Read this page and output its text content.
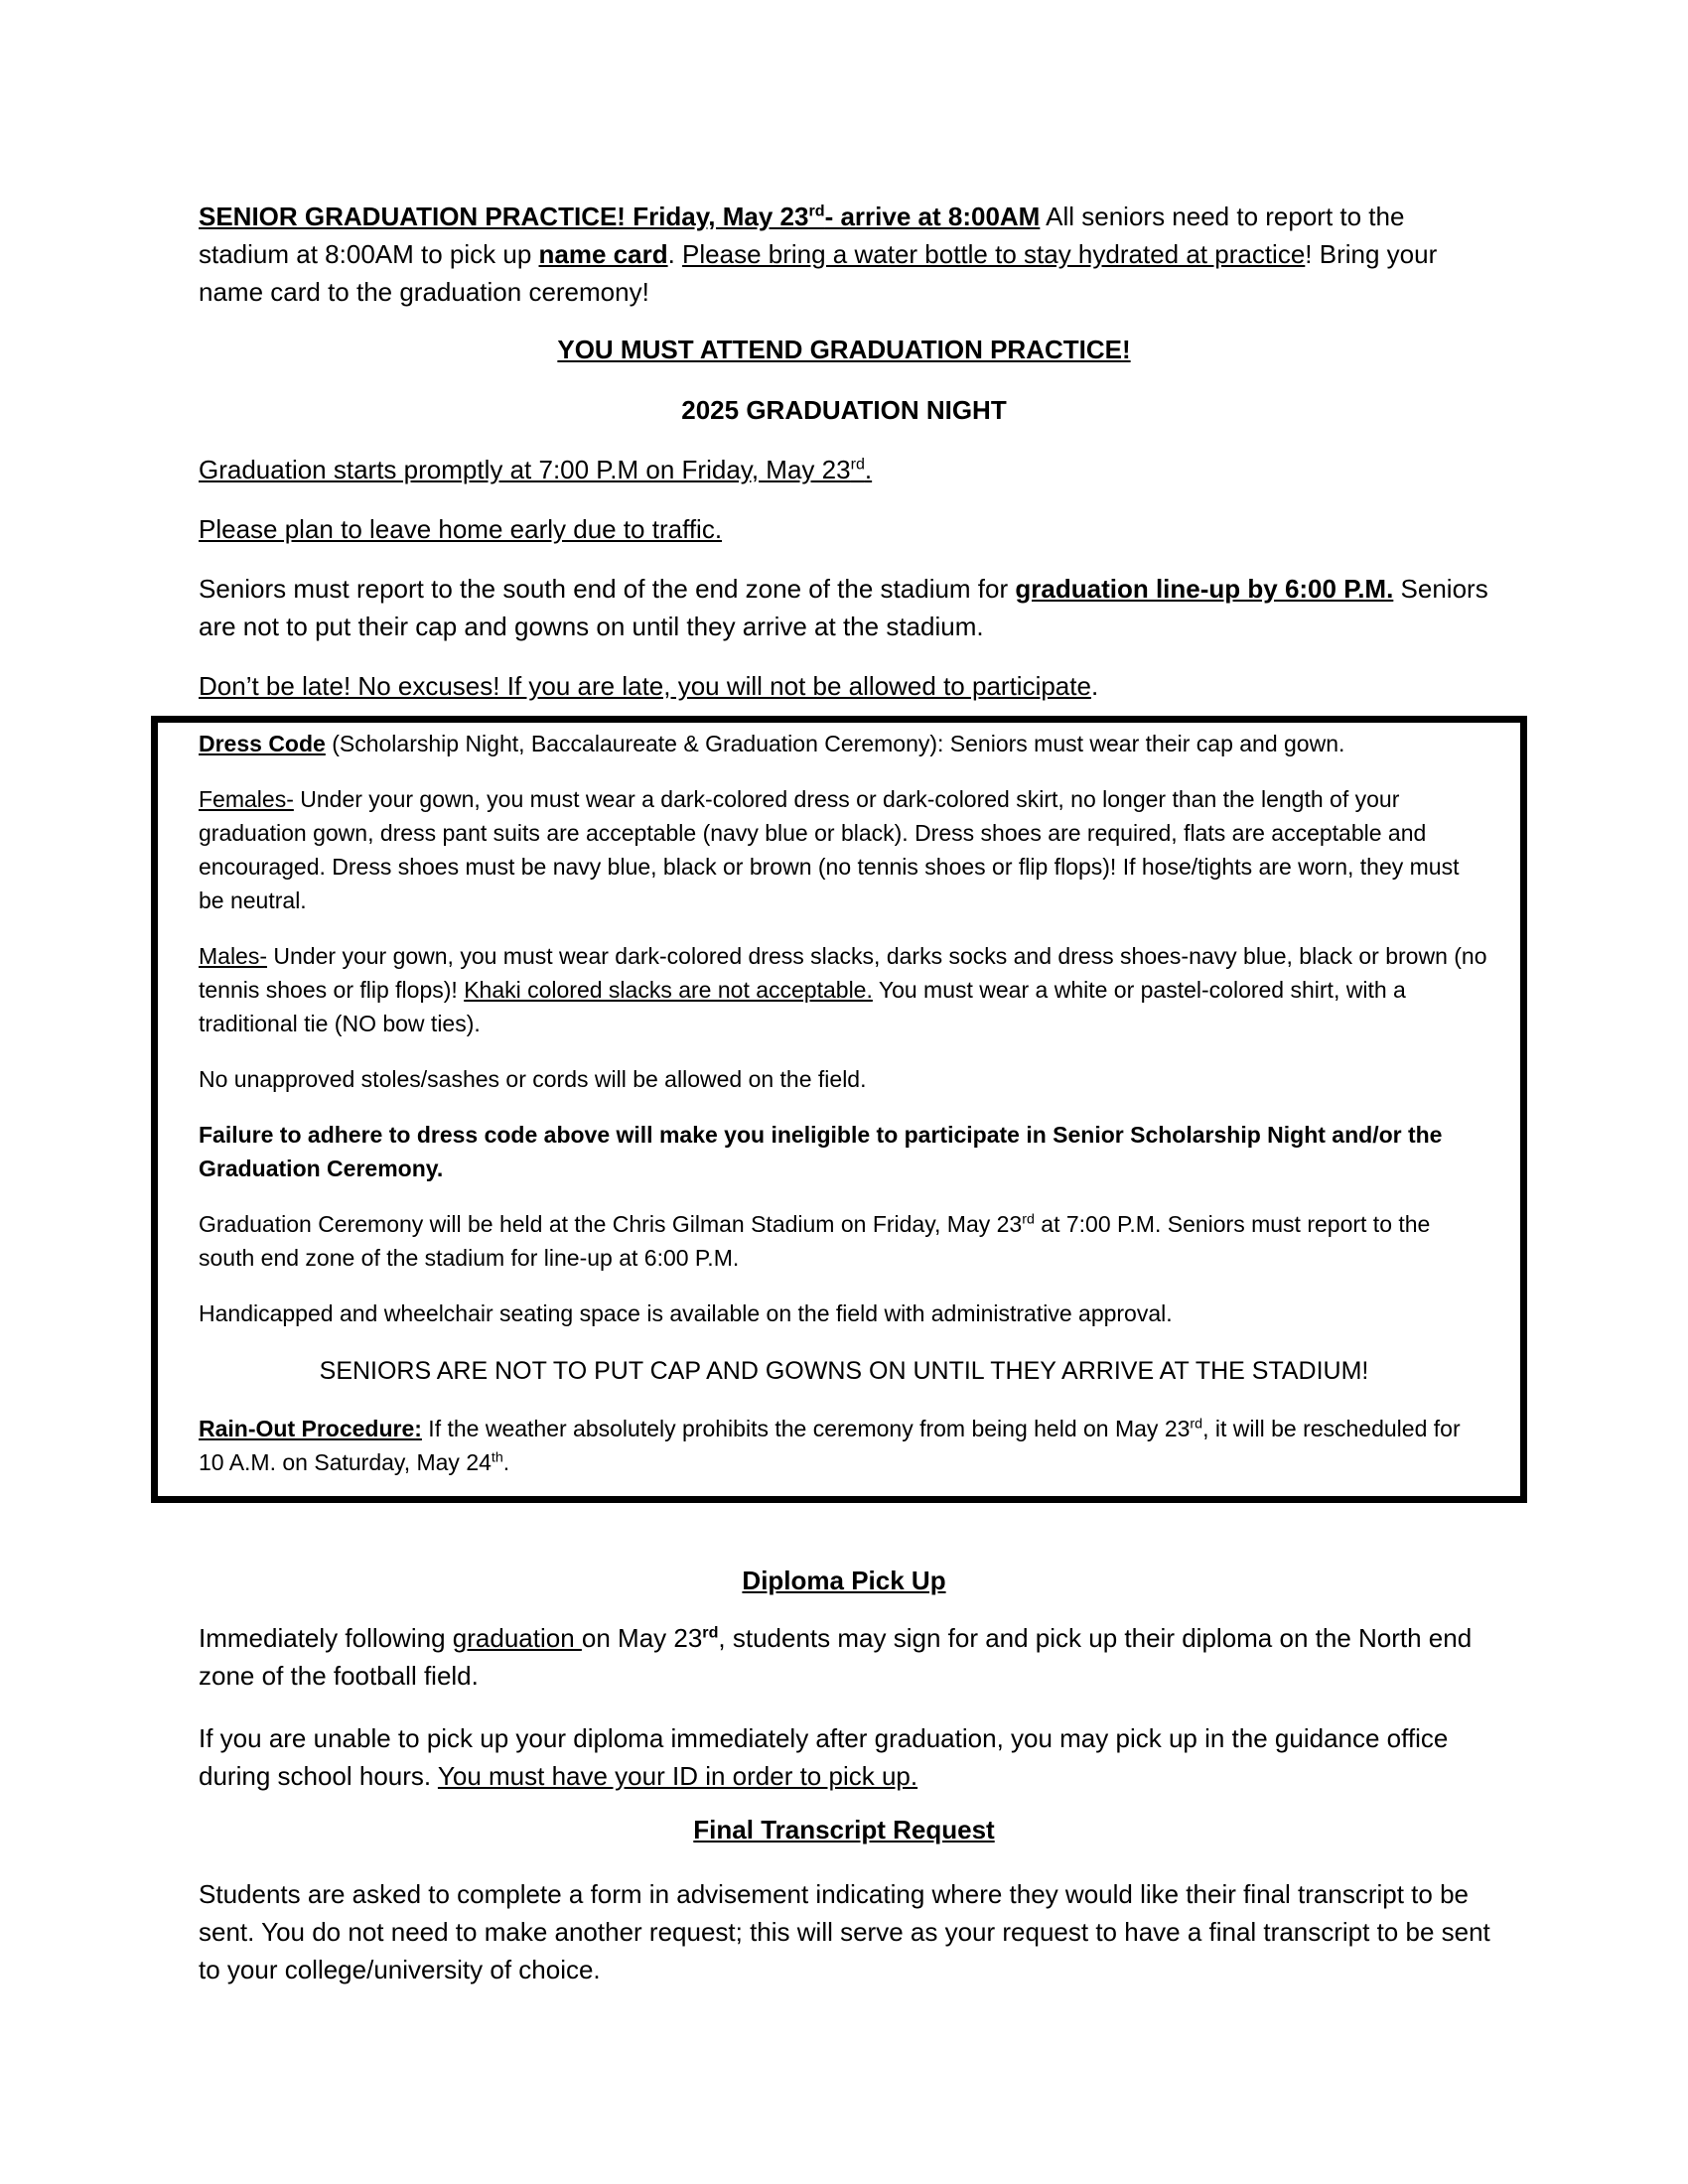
SENIOR GRADUATION PRACTICE! Friday, May 23rd- arrive at 8:00AM All seniors need to report to the stadium at 8:00AM to pick up name card. Please bring a water bottle to stay hydrated at practice! Bring your name card to the graduation ceremony!

YOU MUST ATTEND GRADUATION PRACTICE!

2025 GRADUATION NIGHT

Graduation starts promptly at 7:00 P.M on Friday, May 23rd.

Please plan to leave home early due to traffic.

Seniors must report to the south end of the end zone of the stadium for graduation line-up by 6:00 P.M. Seniors are not to put their cap and gowns on until they arrive at the stadium.

Don’t be late! No excuses! If you are late, you will not be allowed to participate.

Dress Code (Scholarship Night, Baccalaureate & Graduation Ceremony): Seniors must wear their cap and gown.

Females- Under your gown, you must wear a dark-colored dress or dark-colored skirt, no longer than the length of your graduation gown, dress pant suits are acceptable (navy blue or black). Dress shoes are required, flats are acceptable and encouraged. Dress shoes must be navy blue, black or brown (no tennis shoes or flip flops)! If hose/tights are worn, they must be neutral.

Males- Under your gown, you must wear dark-colored dress slacks, darks socks and dress shoes-navy blue, black or brown (no tennis shoes or flip flops)! Khaki colored slacks are not acceptable. You must wear a white or pastel-colored shirt, with a traditional tie (NO bow ties).

No unapproved stoles/sashes or cords will be allowed on the field.

Failure to adhere to dress code above will make you ineligible to participate in Senior Scholarship Night and/or the Graduation Ceremony.

Graduation Ceremony will be held at the Chris Gilman Stadium on Friday, May 23rd at 7:00 P.M. Seniors must report to the south end zone of the stadium for line-up at 6:00 P.M.

Handicapped and wheelchair seating space is available on the field with administrative approval.

SENIORS ARE NOT TO PUT CAP AND GOWNS ON UNTIL THEY ARRIVE AT THE STADIUM!

Rain-Out Procedure: If the weather absolutely prohibits the ceremony from being held on May 23rd, it will be rescheduled for 10 A.M. on Saturday, May 24th.

Diploma Pick Up

Immediately following graduation on May 23rd, students may sign for and pick up their diploma on the North end zone of the football field.

If you are unable to pick up your diploma immediately after graduation, you may pick up in the guidance office during school hours. You must have your ID in order to pick up.

Final Transcript Request

Students are asked to complete a form in advisement indicating where they would like their final transcript to be sent. You do not need to make another request; this will serve as your request to have a final transcript to be sent to your college/university of choice.
